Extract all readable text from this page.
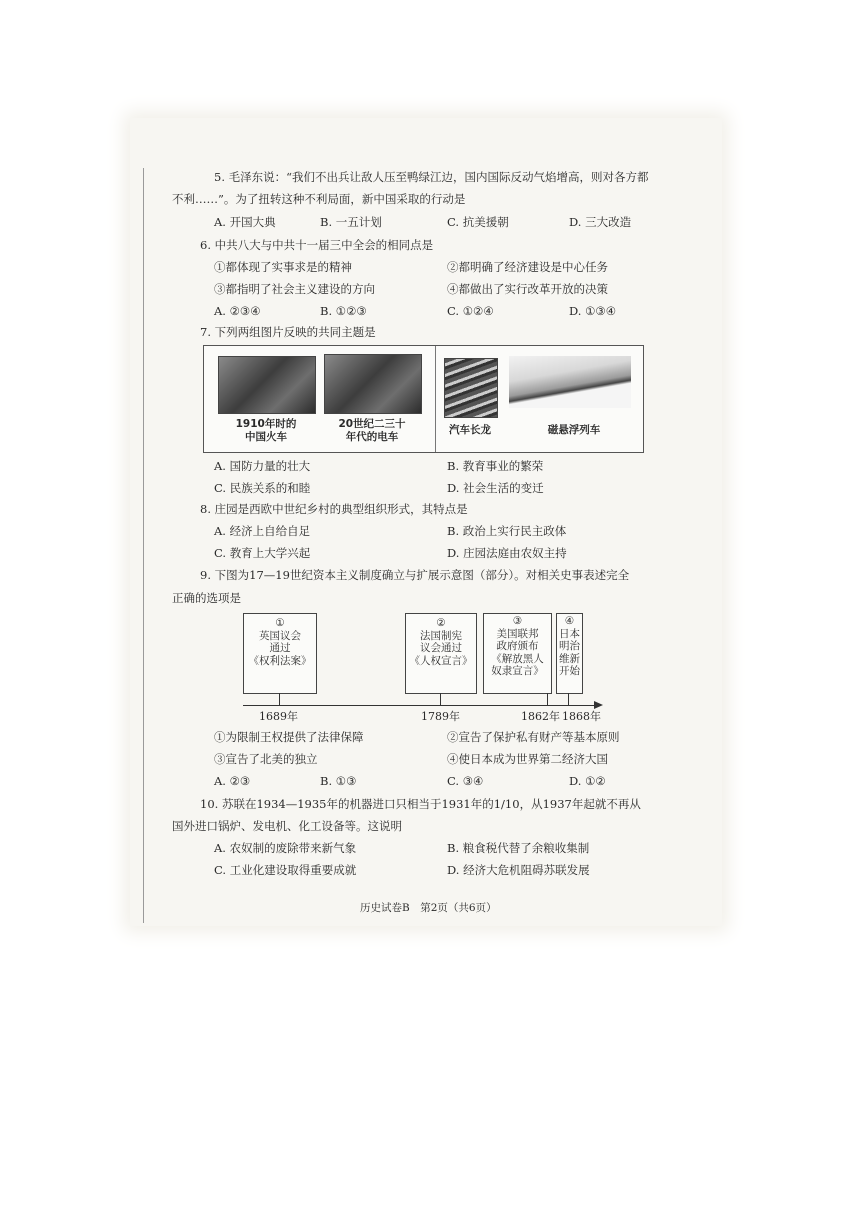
5. 毛泽东说：“我们不出兵让敌人压至鸭绿江边，国内国际反动气焰增高，则对各方都
不利……”。为了扭转这种不利局面，新中国采取的行动是
A. 开国大典	B. 一五计划	C. 抗美援朝	D. 三大改造
6. 中共八大与中共十一届三中全会的相同点是
①都体现了实事求是的精神	②都明确了经济建设是中心任务
③都指明了社会主义建设的方向	④都做出了实行改革开放的决策
A. ②③④	B. ①②③	C. ①②④	D. ①③④
7. 下列两组图片反映的共同主题是
1910年时的
中国火车
20世纪二三十
年代的电车
汽车长龙	磁悬浮列车
A. 国防力量的壮大	B. 教育事业的繁荣
C. 民族关系的和睦	D. 社会生活的变迁
8. 庄园是西欧中世纪乡村的典型组织形式，其特点是
A. 经济上自给自足	B. 政治上实行民主政体
C. 教育上大学兴起	D. 庄园法庭由农奴主持
9. 下图为17—19世纪资本主义制度确立与扩展示意图（部分）。对相关史事表述完全
正确的选项是
①
英国议会
通过
《权利法案》
②
法国制宪
议会通过
《人权宣言》
③
美国联邦
政府颁布
《解放黑人
奴隶宣言》
④
日本
明治
维新
开始
1689年	1789年	1862年 1868年
①为限制王权提供了法律保障	②宣告了保护私有财产等基本原则
③宣告了北美的独立	④使日本成为世界第二经济大国
A. ②③	B. ①③	C. ③④	D. ①②
10. 苏联在1934—1935年的机器进口只相当于1931年的1/10，从1937年起就不再从
国外进口锅炉、发电机、化工设备等。这说明
A. 农奴制的废除带来新气象	B. 粮食税代替了余粮收集制
C. 工业化建设取得重要成就	D. 经济大危机阻碍苏联发展
历史试卷B　第2页（共6页）
